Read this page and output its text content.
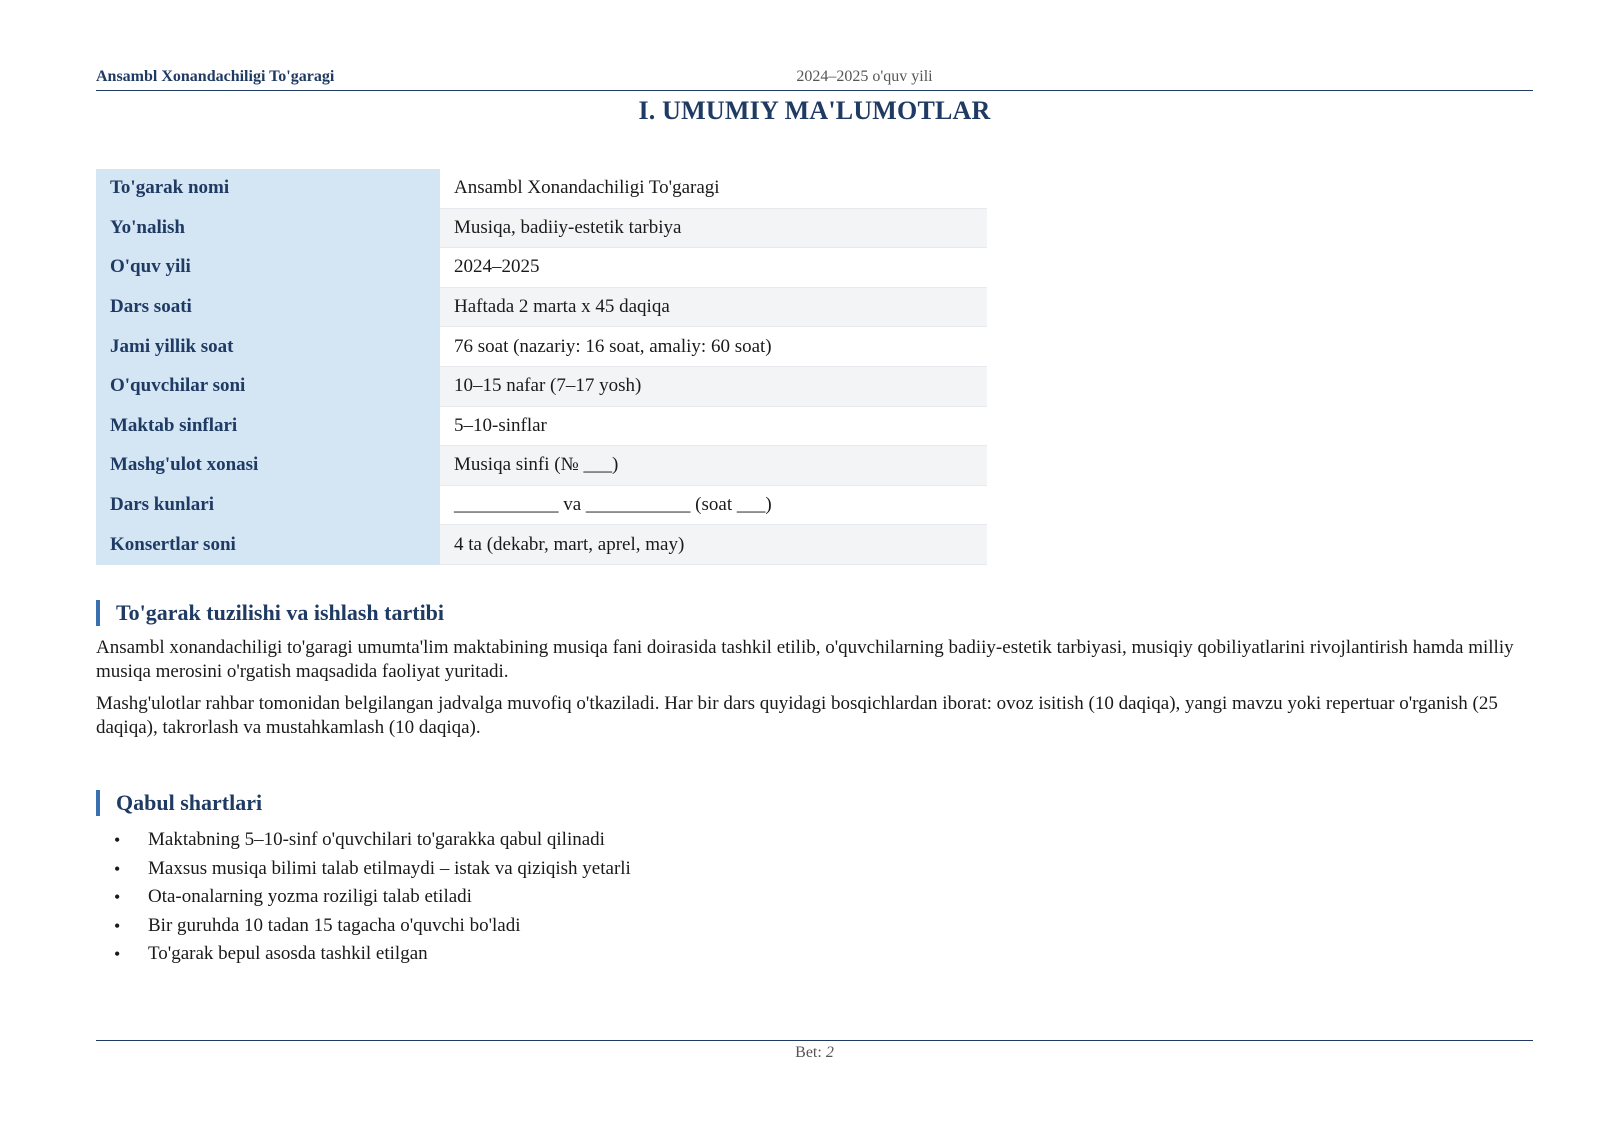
Ansambl Xonandachiligi To'garagi	2024–2025 o'quv yili
I. UMUMIY MA'LUMOTLAR
To'garak nomi	Ansambl Xonandachiligi To'garagi
Yo'nalish	Musiqa, badiiy-estetik tarbiya
O'quv yili	2024–2025
Dars soati	Haftada 2 marta x 45 daqiqa
Jami yillik soat	76 soat (nazariy: 16 soat, amaliy: 60 soat)
O'quvchilar soni	10–15 nafar (7–17 yosh)
Maktab sinflari	5–10-sinflar
Mashg'ulot xonasi	Musiqa sinfi (№ ___)
Dars kunlari	___________ va ___________ (soat ___)
Konsertlar soni	4 ta (dekabr, mart, aprel, may)
To'garak tuzilishi va ishlash tartibi

Ansambl xonandachiligi to'garagi umumta'lim maktabining musiqa fani doirasida tashkil etilib, o'quvchilarning badiiy-estetik tarbiyasi, musiqiy qobiliyatlarini rivojlantirish hamda milliy musiqa merosini o'rgatish maqsadida faoliyat yuritadi.

Mashg'ulotlar rahbar tomonidan belgilangan jadvalga muvofiq o'tkaziladi. Har bir dars quyidagi bosqichlardan iborat: ovoz isitish (10 daqiqa), yangi mavzu yoki repertuar o'rganish (25 daqiqa), takrorlash va mustahkamlash (10 daqiqa).

Qabul shartlari
• Maktabning 5–10-sinf o'quvchilari to'garakka qabul qilinadi
• Maxsus musiqa bilimi talab etilmaydi – istak va qiziqish yetarli
• Ota-onalarning yozma roziligi talab etiladi
• Bir guruhda 10 tadan 15 tagacha o'quvchi bo'ladi
• To'garak bepul asosda tashkil etilgan
Bet: 2
